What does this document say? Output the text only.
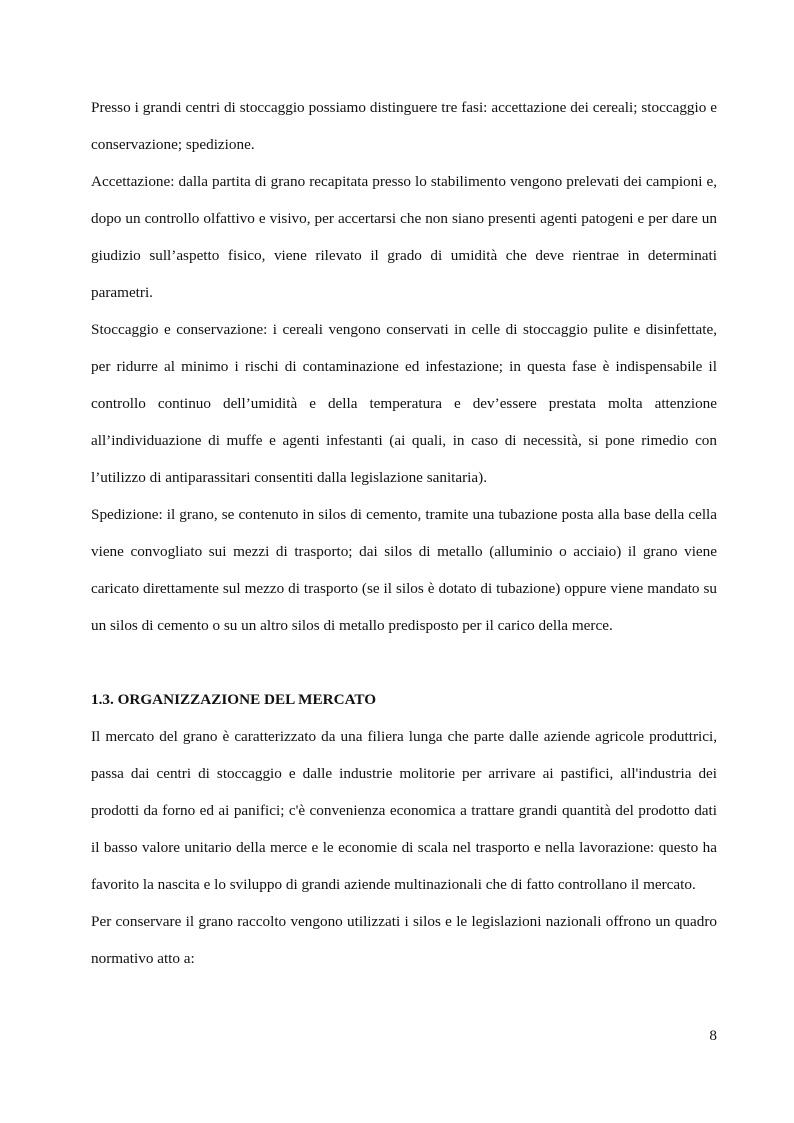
Presso i grandi centri di stoccaggio possiamo distinguere tre fasi: accettazione dei cereali; stoccaggio e conservazione; spedizione.

Accettazione: dalla partita di grano recapitata presso lo stabilimento vengono prelevati dei campioni e, dopo un controllo olfattivo e visivo, per accertarsi che non siano presenti agenti patogeni e per dare un giudizio sull’aspetto fisico, viene rilevato il grado di umidità che deve rientrae in determinati parametri.

Stoccaggio e conservazione: i cereali vengono conservati in celle di stoccaggio pulite e disinfettate, per ridurre al minimo i rischi di contaminazione ed infestazione; in questa fase è indispensabile il controllo continuo dell’umidità e della temperatura e dev’essere prestata molta attenzione all’individuazione di muffe e agenti infestanti (ai quali, in caso di necessità, si pone rimedio con l’utilizzo di antiparassitari consentiti dalla legislazione sanitaria).

Spedizione: il grano, se contenuto in silos di cemento, tramite una tubazione posta alla base della cella viene convogliato sui mezzi di trasporto; dai silos di metallo (alluminio o acciaio) il grano viene caricato direttamente sul mezzo di trasporto (se il silos è dotato di tubazione) oppure viene mandato su un silos di cemento o su un altro silos di metallo predisposto per il carico della merce.

1.3. ORGANIZZAZIONE DEL MERCATO

Il mercato del grano è caratterizzato da una filiera lunga che parte dalle aziende agricole produttrici, passa dai centri di stoccaggio e dalle industrie molitorie per arrivare ai pastifici, all'industria dei prodotti da forno ed ai panifici; c'è convenienza economica a trattare grandi quantità del prodotto dati il basso valore unitario della merce e le economie di scala nel trasporto e nella lavorazione: questo ha favorito la nascita e lo sviluppo di grandi aziende multinazionali che di fatto controllano il mercato.

Per conservare il grano raccolto vengono utilizzati i silos e le legislazioni nazionali offrono un quadro normativo atto a:

8
